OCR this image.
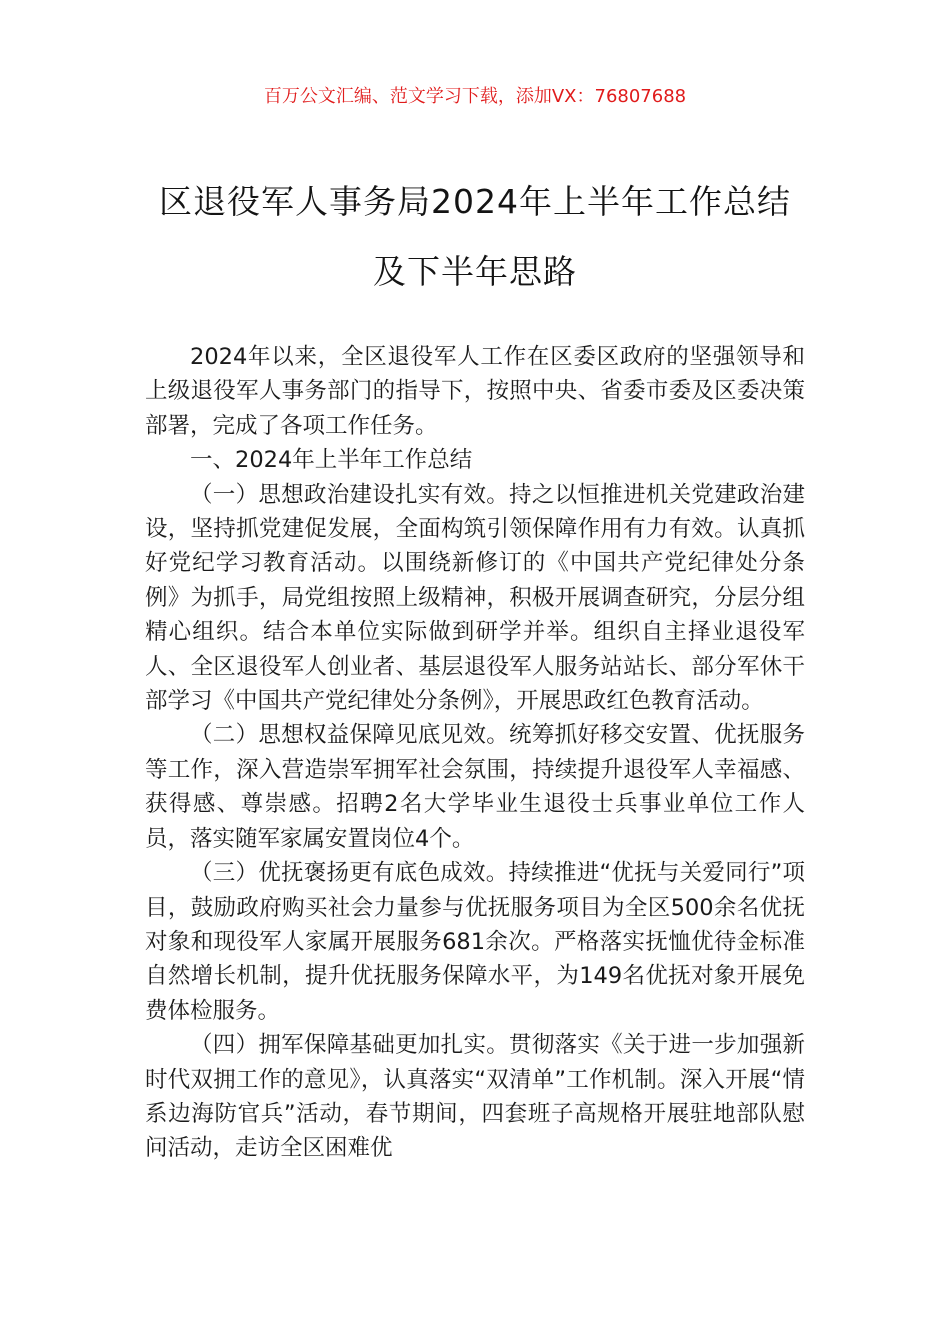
百万公文汇编、范文学习下载，添加VX：76807688
区退役军人事务局2024年上半年工作总结
及下半年思路

2024年以来，全区退役军人工作在区委区政府的坚强领导和上级退役军人事务部门的指导下，按照中央、省委市委及区委决策部署，完成了各项工作任务。

一、2024年上半年工作总结

（一）思想政治建设扎实有效。持之以恒推进机关党建政治建设，坚持抓党建促发展，全面构筑引领保障作用有力有效。认真抓好党纪学习教育活动。以围绕新修订的《中国共产党纪律处分条例》为抓手，局党组按照上级精神，积极开展调查研究，分层分组精心组织。结合本单位实际做到研学并举。组织自主择业退役军人、全区退役军人创业者、基层退役军人服务站站长、部分军休干部学习《中国共产党纪律处分条例》，开展思政红色教育活动。

（二）思想权益保障见底见效。统筹抓好移交安置、优抚服务等工作，深入营造崇军拥军社会氛围，持续提升退役军人幸福感、获得感、尊崇感。招聘2名大学毕业生退役士兵事业单位工作人员，落实随军家属安置岗位4个。

（三）优抚褒扬更有底色成效。持续推进“优抚与关爱同行”项目，鼓励政府购买社会力量参与优抚服务项目为全区500余名优抚对象和现役军人家属开展服务681余次。严格落实抚恤优待金标准自然增长机制，提升优抚服务保障水平，为149名优抚对象开展免费体检服务。

（四）拥军保障基础更加扎实。贯彻落实《关于进一步加强新时代双拥工作的意见》，认真落实“双清单”工作机制。深入开展“情系边海防官兵”活动，春节期间，四套班子高规格开展驻地部队慰问活动，走访全区困难优
